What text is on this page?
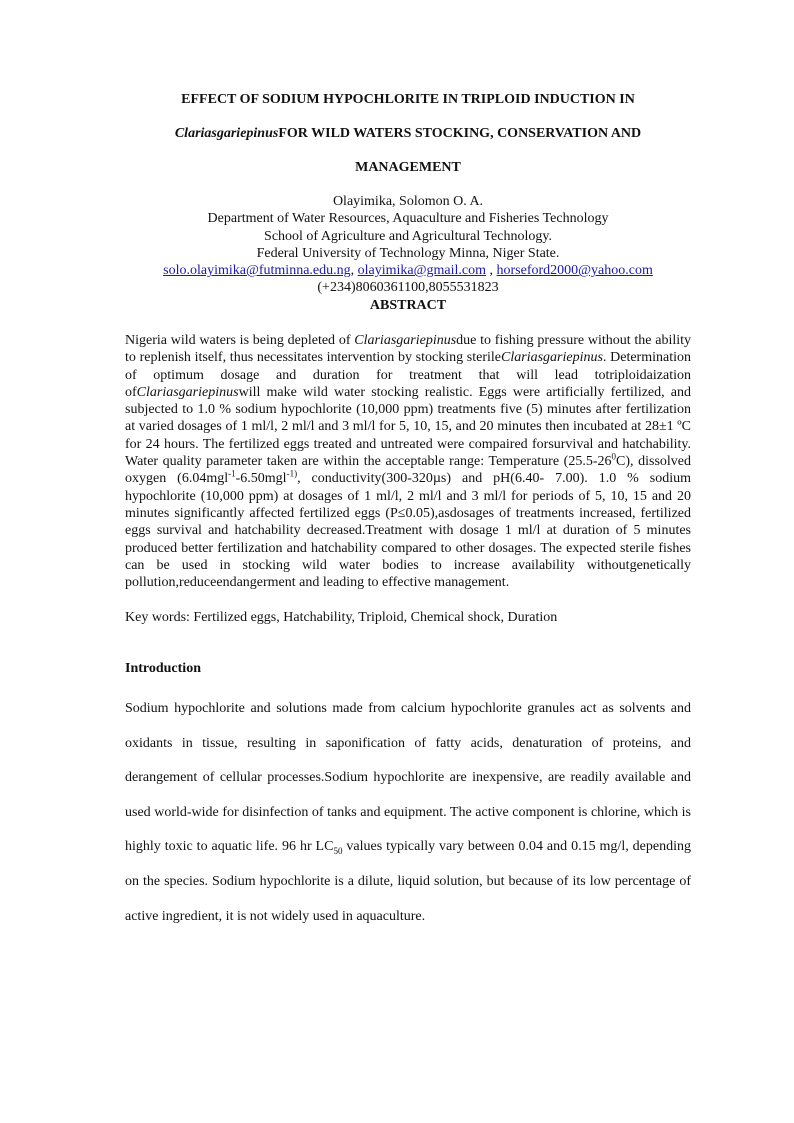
EFFECT OF SODIUM HYPOCHLORITE IN TRIPLOID INDUCTION IN
ClariasgariepinusFOR WILD WATERS STOCKING, CONSERVATION AND
MANAGEMENT
Olayimika, Solomon O. A.
Department of Water Resources, Aquaculture and Fisheries Technology
School of Agriculture and Agricultural Technology.
Federal University of Technology Minna, Niger State.
solo.olayimika@futminna.edu.ng, olayimika@gmail.com , horseford2000@yahoo.com
(+234)8060361100,8055531823
ABSTRACT

Nigeria wild waters is being depleted of Clariasgariepinusdue to fishing pressure without the ability to replenish itself, thus necessitates intervention by stocking sterileClariasgariepinus. Determination of optimum dosage and duration for treatment that will lead totriploidaization ofClariasgariepinuswill make wild water stocking realistic. Eggs were artificially fertilized, and subjected to 1.0 % sodium hypochlorite (10,000 ppm) treatments five (5) minutes after fertilization at varied dosages of 1 ml/l, 2 ml/l and 3 ml/l for 5, 10, 15, and 20 minutes then incubated at 28±1 ºC for 24 hours. The fertilized eggs treated and untreated were compaired forsurvival and hatchability. Water quality parameter taken are within the acceptable range: Temperature $(25.5-26^0C)$, dissolved oxygen (6.04mgl$^{-1}$-6.50mgl$^{-1)}$, conductivity(300-320µs) and pH(6.40- 7.00). 1.0 % sodium hypochlorite (10,000 ppm) at dosages of 1 ml/l, 2 ml/l and 3 ml/l for periods of 5, 10, 15 and 20 minutes significantly affected fertilized eggs (P≤0.05),asdosages of treatments increased, fertilized eggs survival and hatchability decreased.Treatment with dosage 1 ml/l at duration of 5 minutes produced better fertilization and hatchability compared to other dosages. The expected sterile fishes can be used in stocking wild water bodies to increase availability withoutgenetically pollution,reduceendangerment and leading to effective management.

Key words: Fertilized eggs, Hatchability, Triploid, Chemical shock, Duration

Introduction

Sodium hypochlorite and solutions made from calcium hypochlorite granules act as solvents and oxidants in tissue, resulting in saponification of fatty acids, denaturation of proteins, and derangement of cellular processes.Sodium hypochlorite are inexpensive, are readily available and used world-wide for disinfection of tanks and equipment. The active component is chlorine, which is highly toxic to aquatic life. 96 hr $LC_{50}$ values typically vary between 0.04 and 0.15 mg/l, depending on the species. Sodium hypochlorite is a dilute, liquid solution, but because of its low percentage of active ingredient, it is not widely used in aquaculture.
